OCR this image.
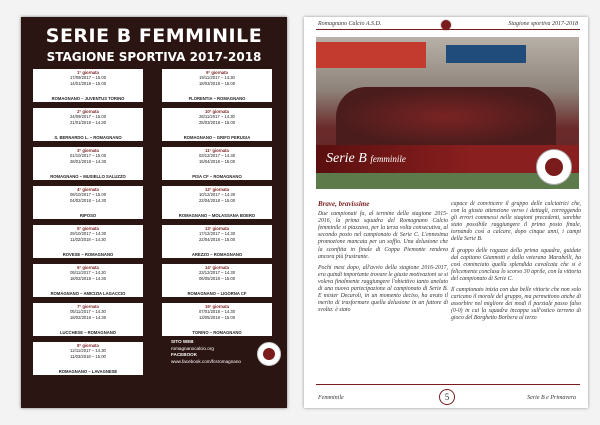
SERIE B FEMMINILE
STAGIONE SPORTIVA 2017-2018
1° giornata
17/09/2017 – 15.00
14/01/2018 – 15.00
ROMAGNANO – JUVENTUS TORINO
2° giornata
24/09/2017 – 15.00
21/01/2018 – 14.30
S. BERNARDO L. – ROMAGNANO
3° giornata
01/10/2017 – 15.00
28/01/2018 – 14.30
ROMAGNANO – MUSIELLO SALUZZO
4° giornata
08/10/2017 – 15.00
04/02/2018 – 14.30
RIPOSO
5° giornata
29/10/2017 – 14.30
11/02/2018 – 14.30
ROVESE – ROMAGNANO
6° giornata
05/11/2017 – 14.30
18/02/2018 – 14.30
ROMAGNANO – AMICIZIA LAGACCIO
7° giornata
05/11/2017 – 14.30
18/02/2018 – 14.30
LUCCHESE – ROMAGNANO
8° giornata
12/11/2017 – 14.30
11/03/2018 – 15.00
ROMAGNANO – LAVAGNESE
9° giornata
19/11/2017 – 14.30
18/03/2018 – 15.00
FLORENTIA – ROMAGNANO
10° giornata
26/11/2017 – 14.30
25/03/2018 – 15.00
ROMAGNANO – GRIFO PERUGIA
11° giornata
03/12/2017 – 14.30
15/04/2018 – 15.00
PISA CF – ROMAGNANO
12° giornata
10/12/2017 – 14.30
22/04/2018 – 15.00
ROMAGNANO – MOLASSANA BOERO
13° giornata
17/12/2017 – 14.30
22/04/2018 – 15.00
AREZZO – ROMAGNANO
14° giornata
23/12/2017 – 14.30
06/05/2018 – 15.00
ROMAGNANO – LIGORNA CF
15° giornata
07/01/2018 – 14.30
13/05/2018 – 15.00
TORINO – ROMAGNANO
SITO WEB
romagnanocalcio.org
FACEBOOK
www.facebook.com/fcsromagnano
Romagnano Calcio A.S.D.	Stagione sportiva 2017-2018
Serie B femminile
Brave, bravissime

Due campionati fa, al termine della stagione 2015-2016, la prima squadra del Romagnano Calcio femminile si piazzava, per la terza volta consecutiva, al secondo posto nel campionato di Serie C. L'ennesima promozione mancata per un soffio. Una delusione che la sconfitta in finale di Coppa Piemonte rendeva ancora più frustrante.

Pochi mesi dopo, all'avvio della stagione 2016-2017, era quindi importante trovare le giuste motivazioni se si voleva finalmente raggiungere l'obiettivo tanto anelato di una nuova partecipazione al campionato di Serie B. E mister Decaroli, in un momento deciso, ha avuto il merito di trasformare quella delusione in un fattore di svolta: è stato

capace di convincere il gruppo delle calciatrici che, con la giusta attenzione verso i dettagli, correggendo gli errori commessi nelle stagioni precedenti, sarebbe stato possibile raggiungere il primo posto finale, tornando così a calcare, dopo cinque anni, i campi della Serie B.

Il gruppo delle ragazze della prima squadra, guidate dal capitano Giannotti e dalla veterana Marabelli, ha così cominciato quella splendida cavalcata che si è felicemente conclusa lo scorso 30 aprile, con la vittoria del campionato di Serie C.

Il campionato inizia con due belle vittorie che non solo caricano il morale del gruppo, ma permettono anche di assorbire nel migliore dei modi il parziale passo falso (0-0) in cui la squadra incappa sull'ostico terreno di gioco del Borghetto Borbera al terzo

Femminile	5	Serie B e Primavera
